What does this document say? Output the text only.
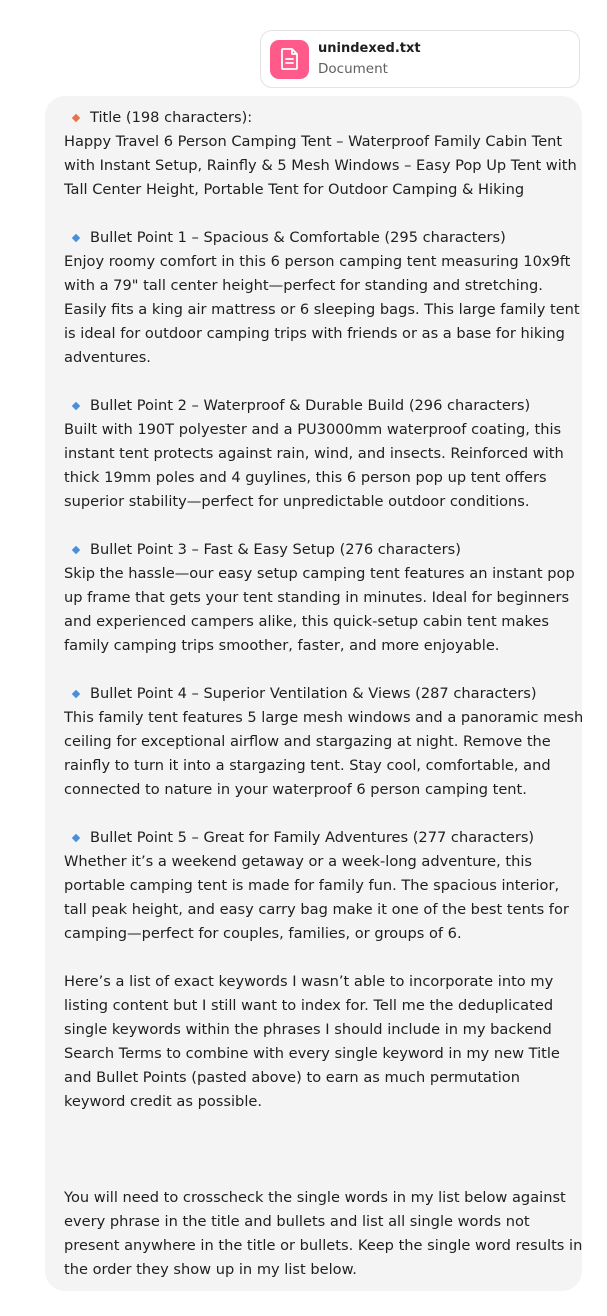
unindexed.txt
Document
Title (198 characters):
Happy Travel 6 Person Camping Tent – Waterproof Family Cabin Tent
with Instant Setup, Rainfly & 5 Mesh Windows – Easy Pop Up Tent with
Tall Center Height, Portable Tent for Outdoor Camping & Hiking
Bullet Point 1 – Spacious & Comfortable (295 characters)
Enjoy roomy comfort in this 6 person camping tent measuring 10x9ft
with a 79" tall center height—perfect for standing and stretching.
Easily fits a king air mattress or 6 sleeping bags. This large family tent
is ideal for outdoor camping trips with friends or as a base for hiking
adventures.
Bullet Point 2 – Waterproof & Durable Build (296 characters)
Built with 190T polyester and a PU3000mm waterproof coating, this
instant tent protects against rain, wind, and insects. Reinforced with
thick 19mm poles and 4 guylines, this 6 person pop up tent offers
superior stability—perfect for unpredictable outdoor conditions.
Bullet Point 3 – Fast & Easy Setup (276 characters)
Skip the hassle—our easy setup camping tent features an instant pop
up frame that gets your tent standing in minutes. Ideal for beginners
and experienced campers alike, this quick-setup cabin tent makes
family camping trips smoother, faster, and more enjoyable.
Bullet Point 4 – Superior Ventilation & Views (287 characters)
This family tent features 5 large mesh windows and a panoramic mesh
ceiling for exceptional airflow and stargazing at night. Remove the
rainfly to turn it into a stargazing tent. Stay cool, comfortable, and
connected to nature in your waterproof 6 person camping tent.
Bullet Point 5 – Great for Family Adventures (277 characters)
Whether it’s a weekend getaway or a week-long adventure, this
portable camping tent is made for family fun. The spacious interior,
tall peak height, and easy carry bag make it one of the best tents for
camping—perfect for couples, families, or groups of 6.
Here’s a list of exact keywords I wasn’t able to incorporate into my
listing content but I still want to index for. Tell me the deduplicated
single keywords within the phrases I should include in my backend
Search Terms to combine with every single keyword in my new Title
and Bullet Points (pasted above) to earn as much permutation
keyword credit as possible.
You will need to crosscheck the single words in my list below against
every phrase in the title and bullets and list all single words not
present anywhere in the title or bullets. Keep the single word results in
the order they show up in my list below.
